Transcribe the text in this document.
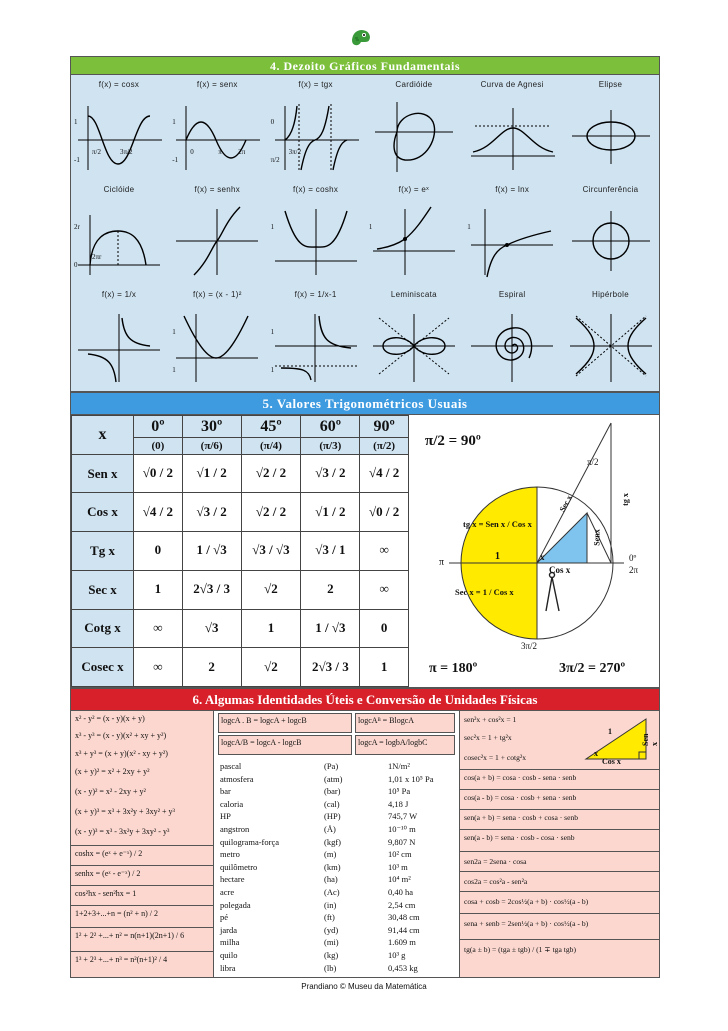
4. Dezoito Gráficos Fundamentais
f(x) = cosx
1
-1
π/2	3π/2
f(x) = senx
1
-1
0	π 2π
f(x) = tgx
0
π/2
3π/2
Cardióide	Curva de Agnesi	Elipse
Ciclóide
2r
0
2πr
f(x) = senhx	f(x) = coshx
1
f(x) = eˣ
1
f(x) = lnx
1
Circunferência
f(x) = 1/x	f(x) = (x - 1)²
1
1
f(x) = 1/x-1
1
1
Leminiscata	Espiral	Hipérbole
5. Valores Trigonométricos Usuais
x	0º	30º	45º	60º	90º
	(0)	(π/6)	(π/4)	(π/3)	(π/2)
Sen x	√0 / 2	√1 / 2	√2 / 2	√3 / 2	√4 / 2
Cos x	√4 / 2	√3 / 2	√2 / 2	√1 / 2	√0 / 2
Tg x	0	1 / √3	√3 / √3	√3 / 1	∞
Sec x	1	2√3 / 3	√2	2	∞
Cotg x	∞	√3	1	1 / √3	0
Cosec x	∞	2	√2	2√3 / 3	1
π/2 = 90º
π/2
tg x = Sen x / Cos x
Sec x = 1 / Cos x
1	x
Cos x
Senx
Sec x	tg x
π	0º
2π
π = 180º
3π/2
3π/2 = 270º
6. Algumas Identidades Úteis e Conversão de Unidades Físicas
x² - y² = (x - y)(x + y)
x³ - y³ = (x - y)(x² + xy + y²)
x³ + y³ = (x + y)(x² - xy + y²)
(x + y)² = x² + 2xy + y²
(x - y)² = x² - 2xy + y²
(x + y)³ = x³ + 3x²y + 3xy² + y³
(x - y)³ = x³ - 3x²y + 3xy² - y³
coshx = (eˣ + e⁻ˣ) / 2
senhx = (eˣ - e⁻ˣ) / 2
cos²hx - sen²hx = 1
1+2+3+...+n = (n² + n) / 2
1² + 2² +...+ n² = n(n+1)(2n+1) / 6
1³ + 2³ +...+ n³ = n²(n+1)² / 4
logcA . B = logcA + logcB	logcAᴮ = BlogcA
logcA/B = logcA - logcB	logcA = logbA/logbC
pascal	(Pa)	1N/m²
atmosfera	(atm)	1,01 x 10⁵ Pa
bar	(bar)	10⁵ Pa
caloria	(cal)	4,18 J
HP	(HP)	745,7 W
angstron	(Å)	10⁻¹⁰ m
quilograma-força	(kgf)	9,807 N
metro	(m)	10² cm
quilômetro	(km)	10³ m
hectare	(ha)	10⁴ m²
acre	(Ac)	0,40 ha
polegada	(in)	2,54 cm
pé	(ft)	30,48 cm
jarda	(yd)	91,44 cm
milha	(mi)	1.609 m
quilo	(kg)	10³ g
libra	(lb)	0,453 kg
1
x
Sen x
Cos x
sen²x + cos²x = 1
sec²x = 1 + tg²x
cosec²x = 1 + cotg²x
cos(a + b) = cosa · cosb - sena · senb
cos(a - b) = cosa · cosb + sena · senb
sen(a + b) = sena · cosb + cosa · senb
sen(a - b) = sena · cosb - cosa · senb
sen2a = 2sena · cosa
cos2a = cos²a - sen²a
cosa + cosb = 2cos½(a + b) · cos½(a - b)
sena + senb = 2sen½(a + b) · cos½(a - b)
tg(a ± b) = (tga ± tgb) / (1 ∓ tga tgb)
Prandiano © Museu da Matemática
